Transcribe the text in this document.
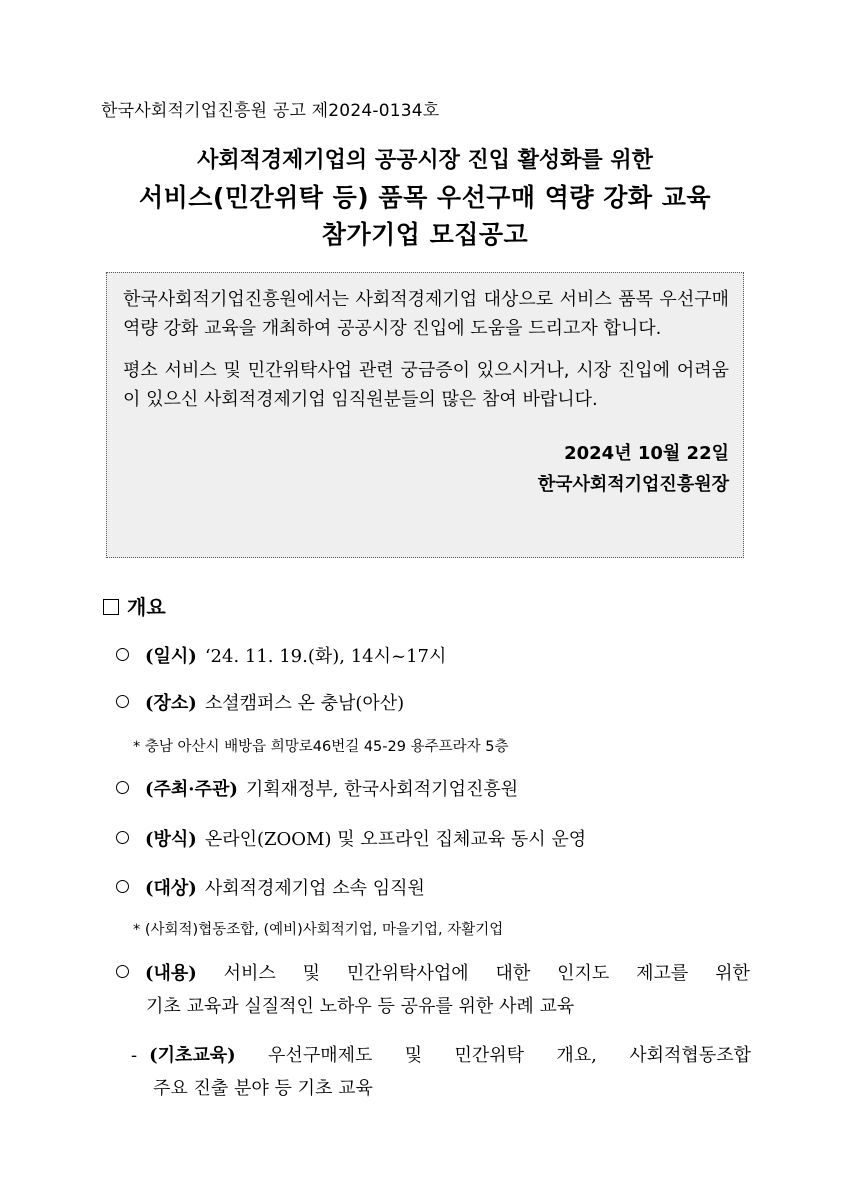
한국사회적기업진흥원 공고 제2024-0134호
사회적경제기업의 공공시장 진입 활성화를 위한
서비스(민간위탁 등) 품목 우선구매 역량 강화 교육
참가기업 모집공고
한국사회적기업진흥원에서는 사회적경제기업 대상으로 서비스 품목 우선구매 역량 강화 교육을 개최하여 공공시장 진입에 도움을 드리고자 합니다.
평소 서비스 및 민간위탁사업 관련 궁금증이 있으시거나, 시장 진입에 어려움이 있으신 사회적경제기업 임직원분들의 많은 참여 바랍니다.
2024년 10월 22일
한국사회적기업진흥원장
개요
(일시) ‘24. 11. 19.(화), 14시~17시
(장소) 소셜캠퍼스 온 충남(아산)
* 충남 아산시 배방읍 희망로46번길 45-29 용주프라자 5층
(주최·주관) 기획재정부, 한국사회적기업진흥원
(방식) 온라인(ZOOM) 및 오프라인 집체교육 동시 운영
(대상) 사회적경제기업 소속 임직원
* (사회적)협동조합, (예비)사회적기업, 마을기업, 자활기업
(내용) 서비스 및 민간위탁사업에 대한 인지도 제고를 위한
기초 교육과 실질적인 노하우 등 공유를 위한 사례 교육
- (기초교육) 우선구매제도 및 민간위탁 개요, 사회적협동조합
주요 진출 분야 등 기초 교육
